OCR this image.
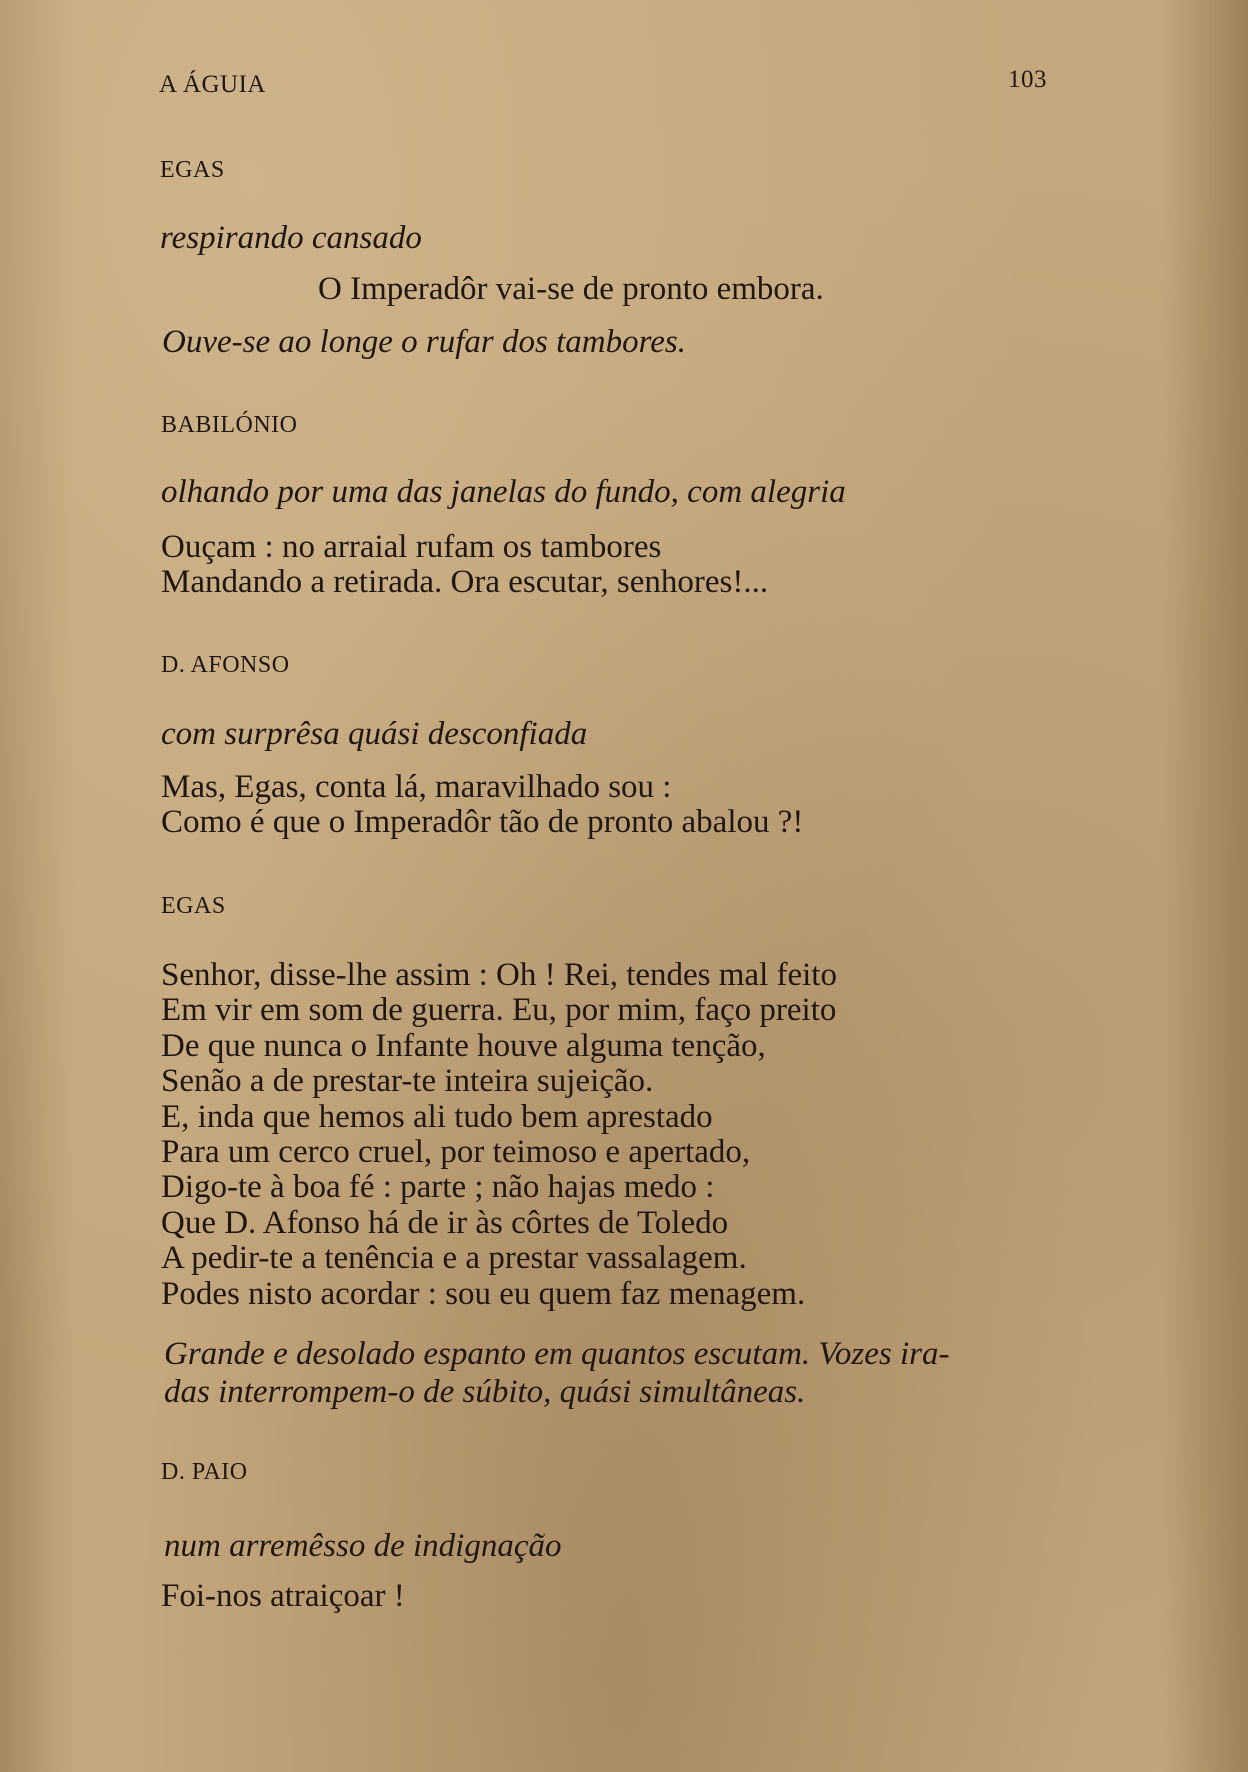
A ÁGUIA	103
EGAS
respirando cansado
O Imperadôr vai-se de pronto embora.
Ouve-se ao longe o rufar dos tambores.
BABILÓNIO
olhando por uma das janelas do fundo, com alegria
Ouçam : no arraial rufam os tambores
Mandando a retirada. Ora escutar, senhores!...
D. AFONSO
com surprêsa quási desconfiada
Mas, Egas, conta lá, maravilhado sou :
Como é que o Imperadôr tão de pronto abalou ?!
EGAS
Senhor, disse-lhe assim : Oh ! Rei, tendes mal feito
Em vir em som de guerra. Eu, por mim, faço preito
De que nunca o Infante houve alguma tenção,
Senão a de prestar-te inteira sujeição.
E, inda que hemos ali tudo bem aprestado
Para um cerco cruel, por teimoso e apertado,
Digo-te à boa fé : parte ; não hajas medo :
Que D. Afonso há de ir às côrtes de Toledo
A pedir-te a tenência e a prestar vassalagem.
Podes nisto acordar : sou eu quem faz menagem.
Grande e desolado espanto em quantos escutam. Vozes ira-
das interrompem-o de súbito, quási simultâneas.
D. PAIO
num arremêsso de indignação
Foi-nos atraiçoar !
